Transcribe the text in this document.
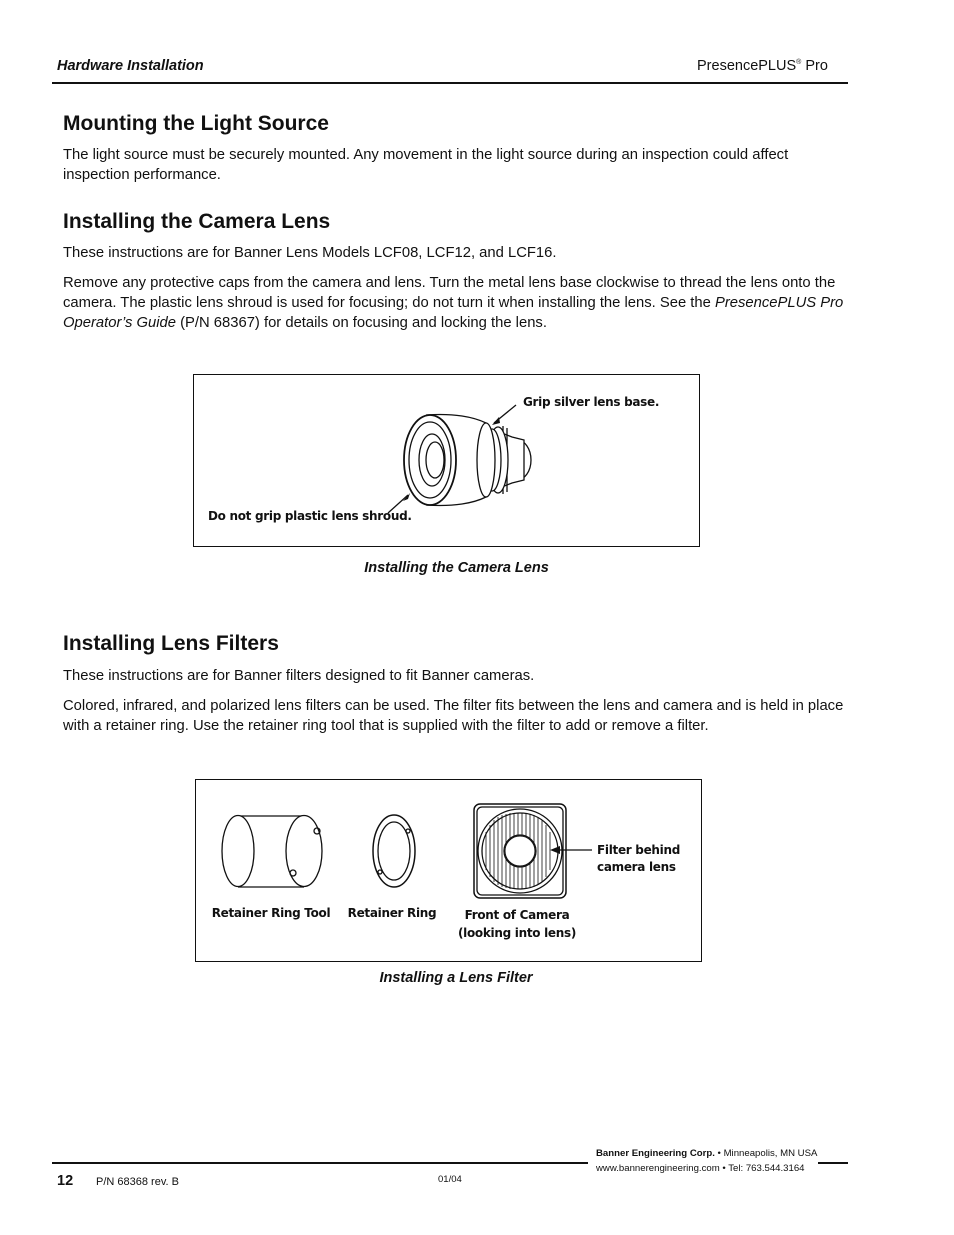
Hardware Installation	PresencePLUS® Pro
Mounting the Light Source

The light source must be securely mounted. Any movement in the light source during an inspection could affect inspection performance.

Installing the Camera Lens

These instructions are for Banner Lens Models LCF08, LCF12, and LCF16.

Remove any protective caps from the camera and lens. Turn the metal lens base clockwise to thread the lens onto the camera. The plastic lens shroud is used for focusing; do not turn it when installing the lens. See the PresencePLUS Pro Operator’s Guide (P/N 68367) for details on focusing and locking the lens.

Grip silver lens base.
Do not grip plastic lens shroud.
Installing the Camera Lens
Installing Lens Filters

These instructions are for Banner filters designed to fit Banner cameras.

Colored, infrared, and polarized lens filters can be used. The filter fits between the lens and camera and is held in place with a retainer ring. Use the retainer ring tool that is supplied with the filter to add or remove a filter.

Retainer Ring Tool	Retainer Ring	Front of Camera
(looking into lens)
Filter behind
camera lens
Installing a Lens Filter
Banner Engineering Corp. • Minneapolis, MN USA
www.bannerengineering.com • Tel: 763.544.3164
12 P/N 68368 rev. B	01/04
